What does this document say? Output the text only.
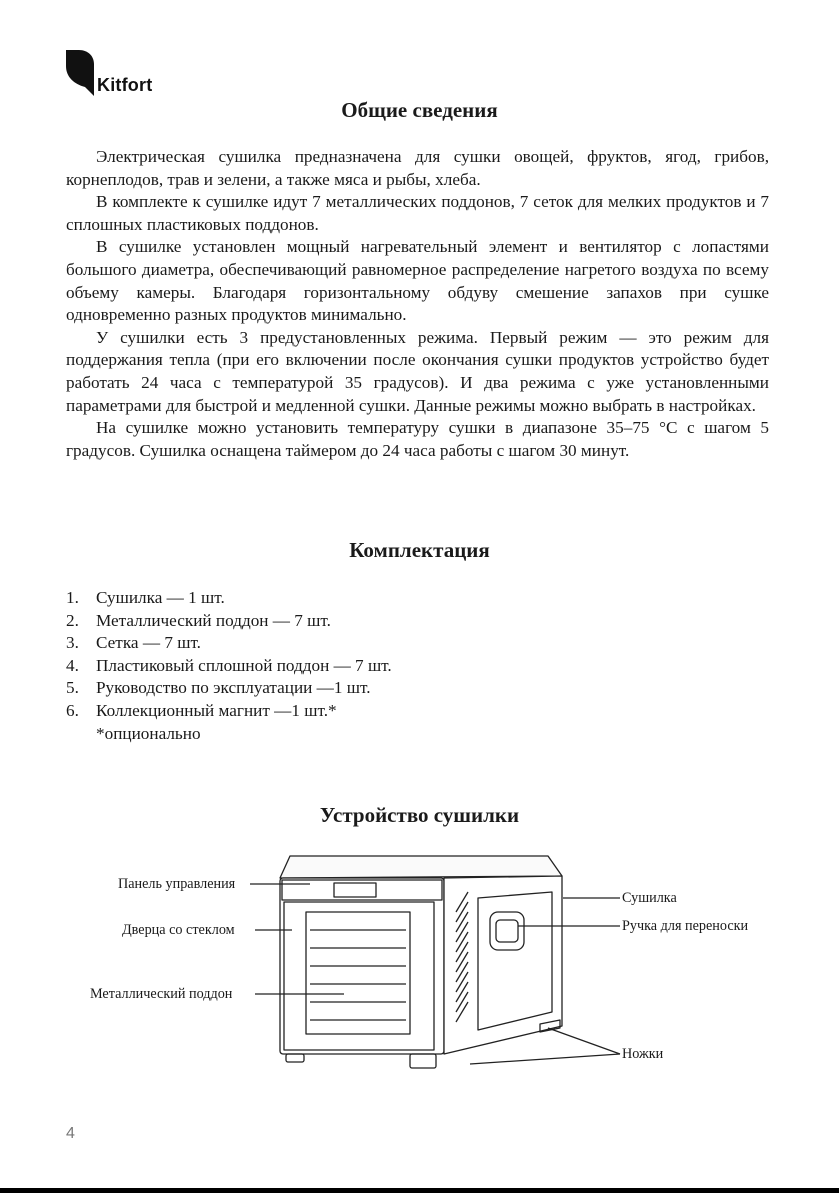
Kitfort
Общие сведения

Электрическая сушилка предназначена для сушки овощей, фруктов, ягод, грибов, корнеплодов, трав и зелени, а также мяса и рыбы, хлеба.

В комплекте к сушилке идут 7 металлических поддонов, 7 сеток для мелких продуктов и 7 сплошных пластиковых поддонов.

В сушилке установлен мощный нагревательный элемент и вентилятор с лопастями большого диаметра, обеспечивающий равномерное распределение нагретого воздуха по всему объему камеры. Благодаря горизонтальному обдуву смешение запахов при сушке одновременно разных продуктов минимально.

У сушилки есть 3 предустановленных режима. Первый режим — это режим для поддержания тепла (при его включении после окончания сушки продуктов устройство будет работать 24 часа с температурой 35 градусов). И два режима с уже установленными параметрами для быстрой и медленной сушки. Данные режимы можно выбрать в настройках.

На сушилке можно установить температуру сушки в диапазоне 35–75 °C с шагом 5 градусов. Сушилка оснащена таймером до 24 часа работы с шагом 30 минут.

Комплектация
1. Сушилка — 1 шт.
2. Металлический поддон — 7 шт.
3. Сетка — 7 шт.
4. Пластиковый сплошной поддон — 7 шт.
5. Руководство по эксплуатации —1 шт.
6. Коллекционный магнит —1 шт.*
*опционально
Устройство сушилки
Панель управления
Дверца со стеклом
Металлический поддон
Сушилка
Ручка для переноски
Ножки
4
